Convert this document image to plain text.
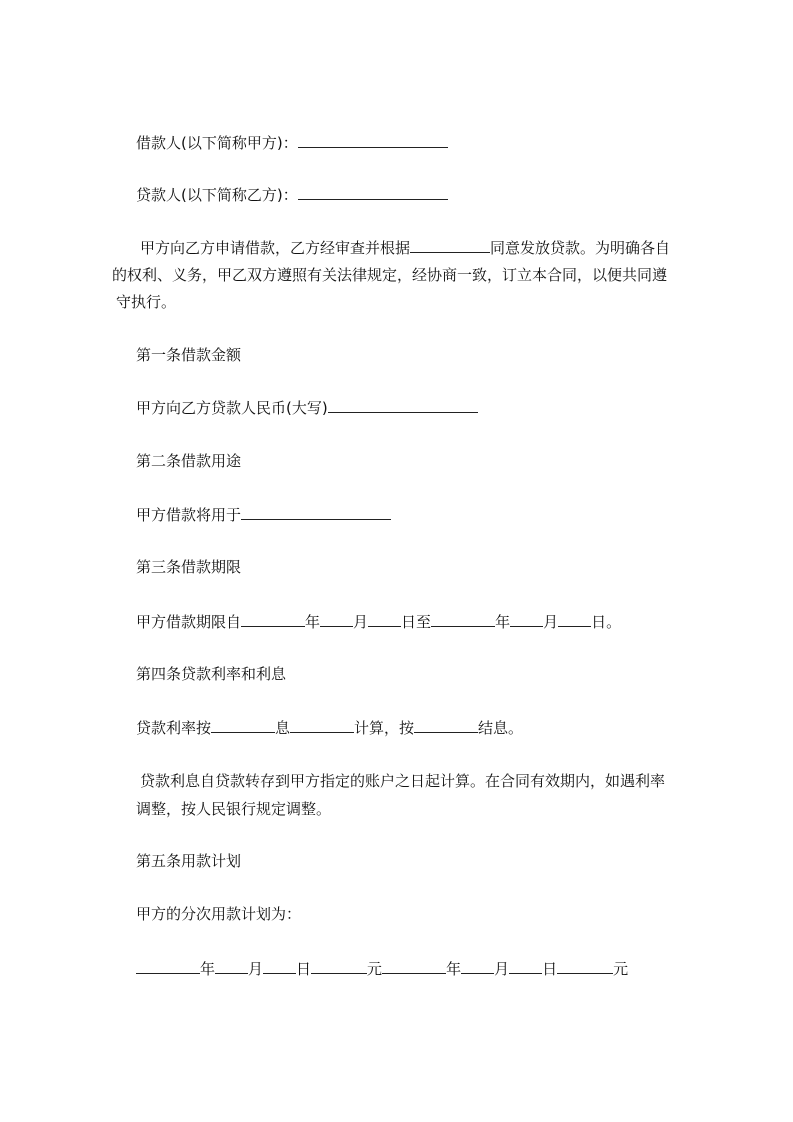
借款人(以下简称甲方)：
贷款人(以下简称乙方)：
甲方向乙方申请借款，乙方经审查并根据	同意发放贷款。为明确各自
的权利、义务，甲乙双方遵照有关法律规定，经协商一致，订立本合同，以便共同遵
守执行。
第一条借款金额
甲方向乙方贷款人民币(大写)
第二条借款用途
甲方借款将用于
第三条借款期限
甲方借款期限自	年 月 日至	年 月 日。
第四条贷款利率和利息
贷款利率按	息	计算，按	结息。
贷款利息自贷款转存到甲方指定的账户之日起计算。在合同有效期内，如遇利率
调整，按人民银行规定调整。
第五条用款计划
甲方的分次用款计划为：
年 月 日	元	年 月 日	元
